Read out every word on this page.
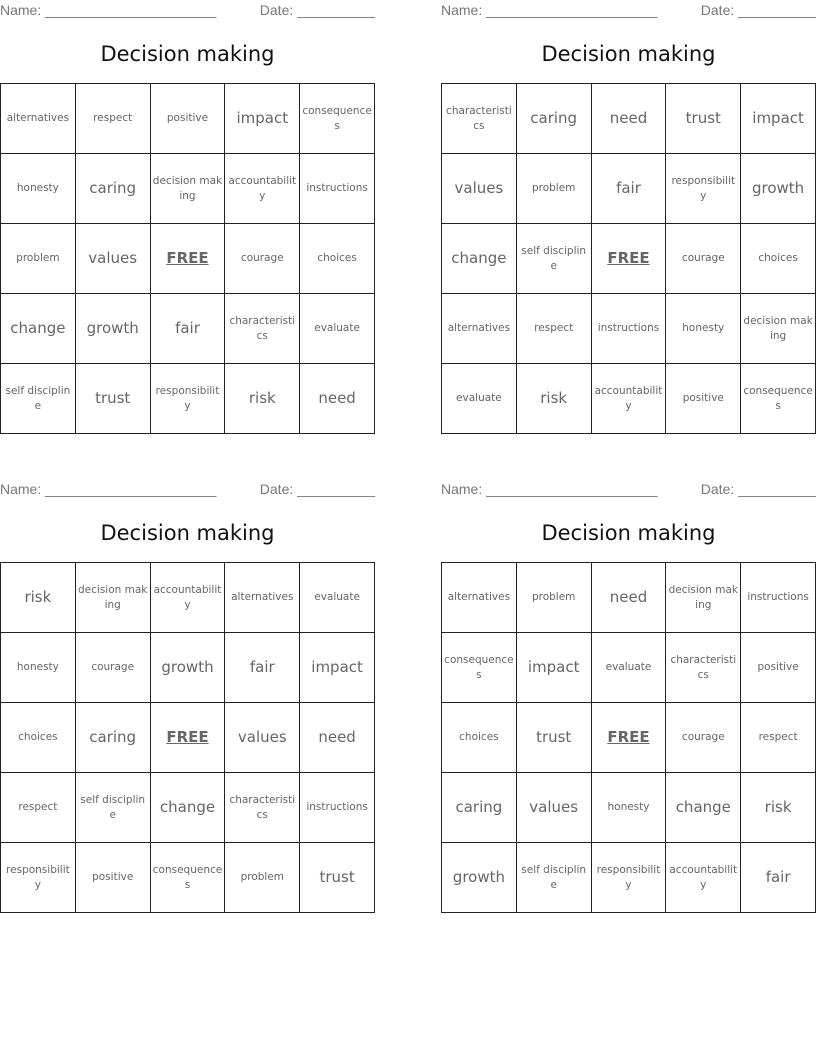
Name: ______________________	Date: __________
Decision making
alternatives	respect	positive	impact	consequences
honesty	caring	decision making	accountability	instructions
problem	values	FREE	courage	choices
change	growth	fair	characteristics	evaluate
self discipline	trust	responsibility	risk	need
Name: ______________________	Date: __________
Decision making
characteristics	caring	need	trust	impact
values	problem	fair	responsibility	growth
change	self discipline	FREE	courage	choices
alternatives	respect	instructions	honesty	decision making
evaluate	risk	accountability	positive	consequences
Name: ______________________	Date: __________
Decision making
risk	decision making	accountability	alternatives	evaluate
honesty	courage	growth	fair	impact
choices	caring	FREE	values	need
respect	self discipline	change	characteristics	instructions
responsibility	positive	consequences	problem	trust
Name: ______________________	Date: __________
Decision making
alternatives	problem	need	decision making	instructions
consequences	impact	evaluate	characteristics	positive
choices	trust	FREE	courage	respect
caring	values	honesty	change	risk
growth	self discipline	responsibility	accountability	fair
